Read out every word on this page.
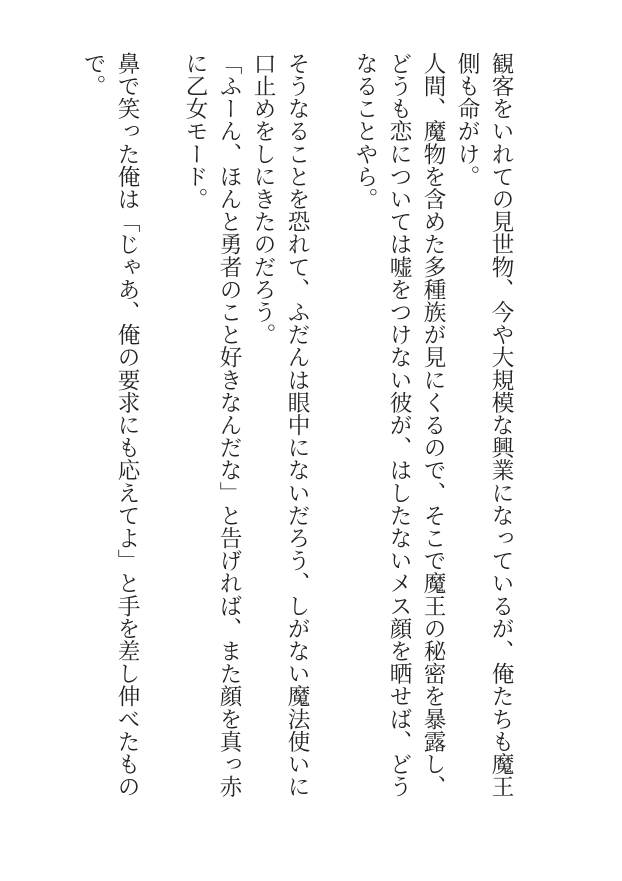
観客をいれての見世物、今や大規模な興業になっているが、俺たちも魔王側も命がけ。

人間、魔物を含めた多種族が見にくるので、そこで魔王の秘密を暴露し、どうも恋については嘘をつけない彼が、はしたないメス顔を晒せば、どうなることやら。

そうなることを恐れて、ふだんは眼中にないだろう、しがない魔法使いに口止めをしにきたのだろう。

「ふーん、ほんと勇者のこと好きなんだな」と告げれば、また顔を真っ赤に乙女モード。

鼻で笑った俺は「じゃあ、俺の要求にも応えてよ」と手を差し伸べたもので。
